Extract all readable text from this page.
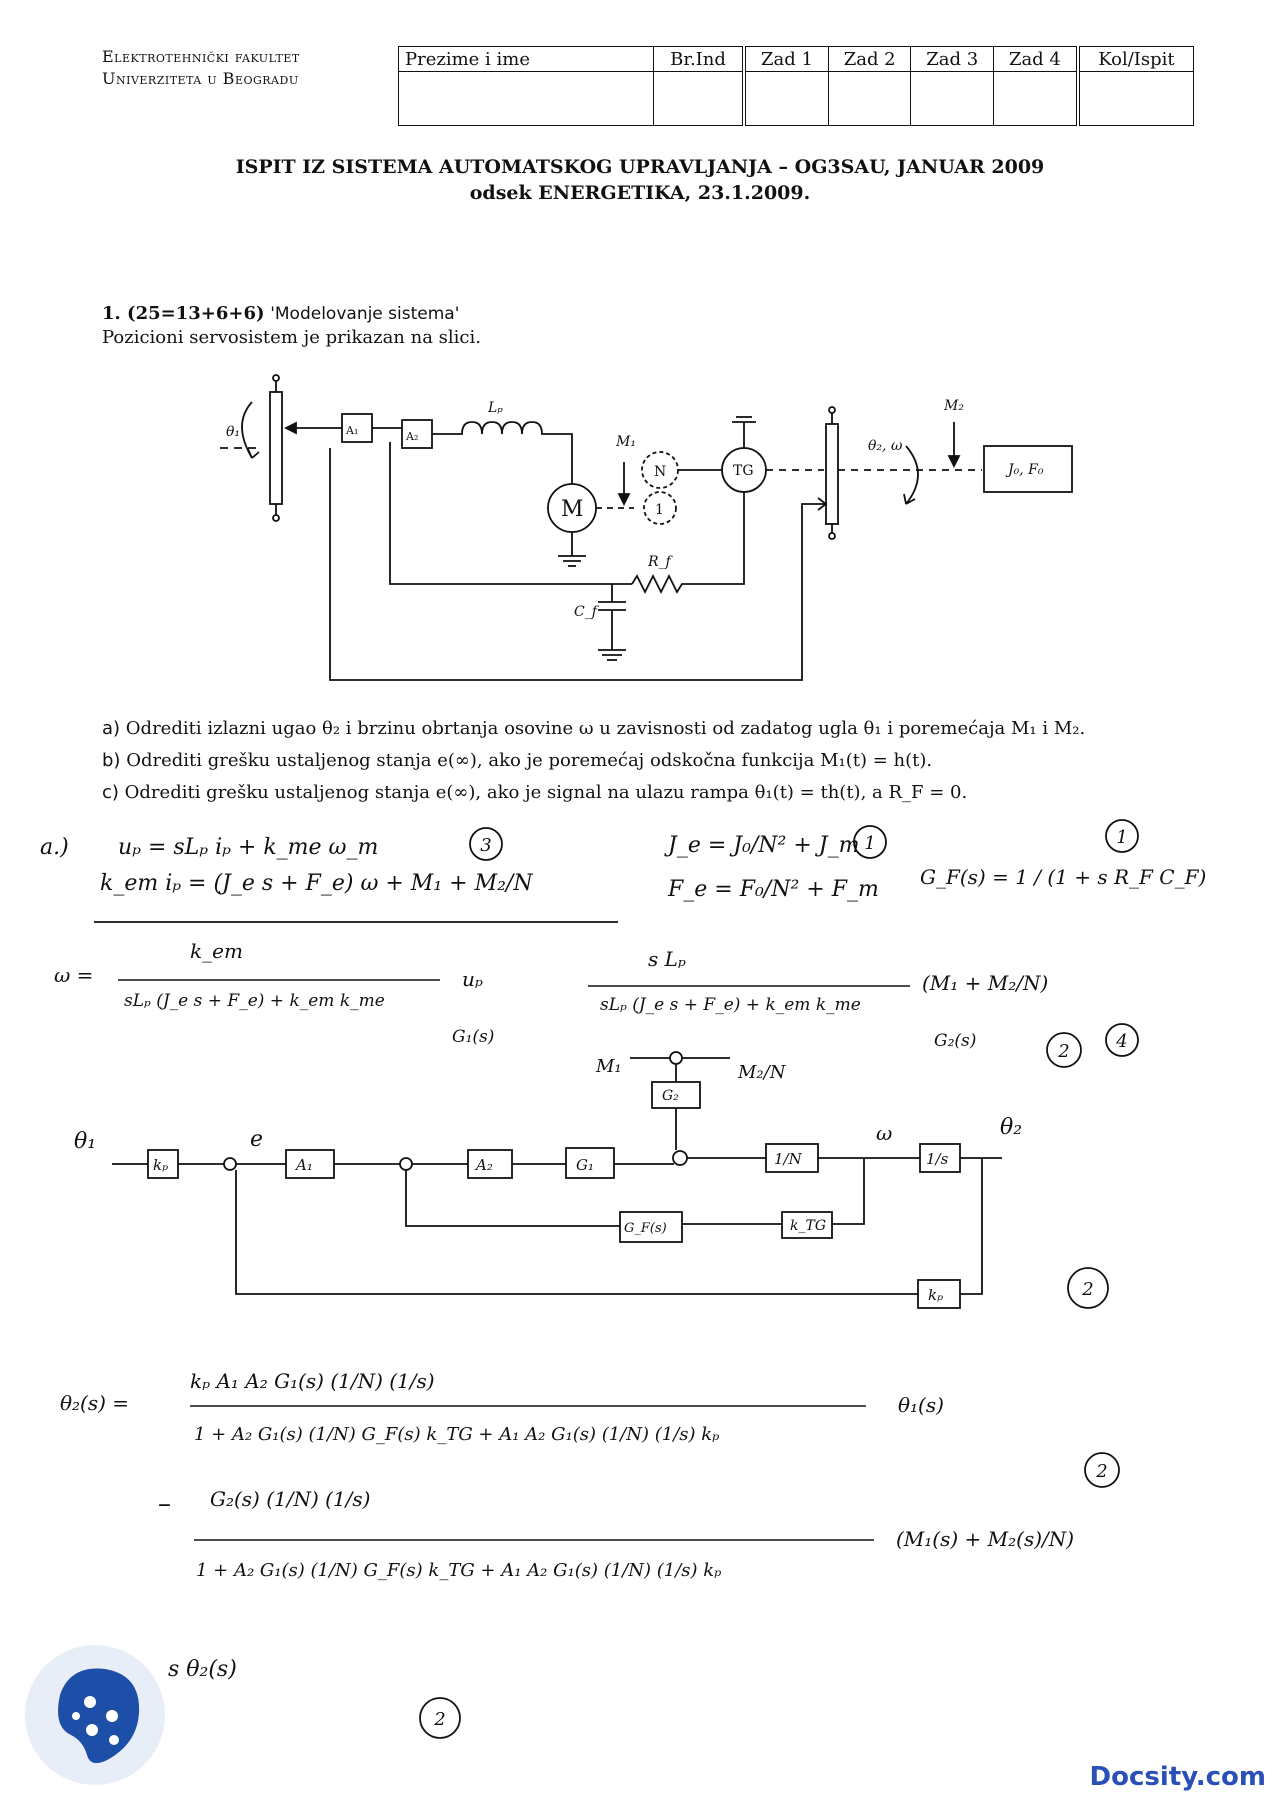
Elektrotehnički fakultet
Univerziteta u Beogradu
Prezime i ime	Br.Ind	Zad 1	Zad 2	Zad 3	Zad 4	Kol/Ispit

ISPIT IZ SISTEMA AUTOMATSKOG UPRAVLJANJA – OG3SAU, JANUAR 2009
odsek ENERGETIKA, 23.1.2009.
1. (25=13+6+6) 'Modelovanje sistema'
Pozicioni servosistem je prikazan na slici.
θ₁	A₁	A₂
Lₚ
M₁
N
1
M
TG
θ₂, ω
M₂
J₀, F₀
R_f
C_f
a) Odrediti izlazni ugao θ₂ i brzinu obrtanja osovine ω u zavisnosti od zadatog ugla θ₁ i poremećaja M₁ i M₂.
b) Odrediti grešku ustaljenog stanja e(∞), ako je poremećaj odskočna funkcija M₁(t) = h(t).
c) Odrediti grešku ustaljenog stanja e(∞), ako je signal na ulazu rampa θ₁(t) = th(t), a R_F = 0.
a.) uₚ = sLₚ iₚ + k_me ω_m
k_em iₚ = (J_e s + F_e) ω + M₁ + M₂/N
J_e = J₀/N² + J_m
F_e = F₀/N² + F_m G_F(s) = 1 / (1 + s R_F C_F)
3	1	1
2	4
2
2
2
ω =
k_em
sLₚ (J_e s + F_e) + k_em k_me
uₚ
s Lₚ
sLₚ (J_e s + F_e) + k_em k_me
(M₁ + M₂/N)
G₁(s)	G₂(s)
θ₁
kₚ
e
A₁	A₂	G₁
G₂
M₁	M₂/N
1/N
ω
1/s
θ₂
G_F(s)	k_TG
kₚ
θ₂(s) =
kₚ A₁ A₂ G₁(s) (1/N) (1/s)
1 + A₂ G₁(s) (1/N) G_F(s) k_TG + A₁ A₂ G₁(s) (1/N) (1/s) kₚ
θ₁(s)
– G₂(s) (1/N) (1/s)
1 + A₂ G₁(s) (1/N) G_F(s) k_TG + A₁ A₂ G₁(s) (1/N) (1/s) kₚ
(M₁(s) + M₂(s)/N)
s θ₂(s)
Docsity.com
